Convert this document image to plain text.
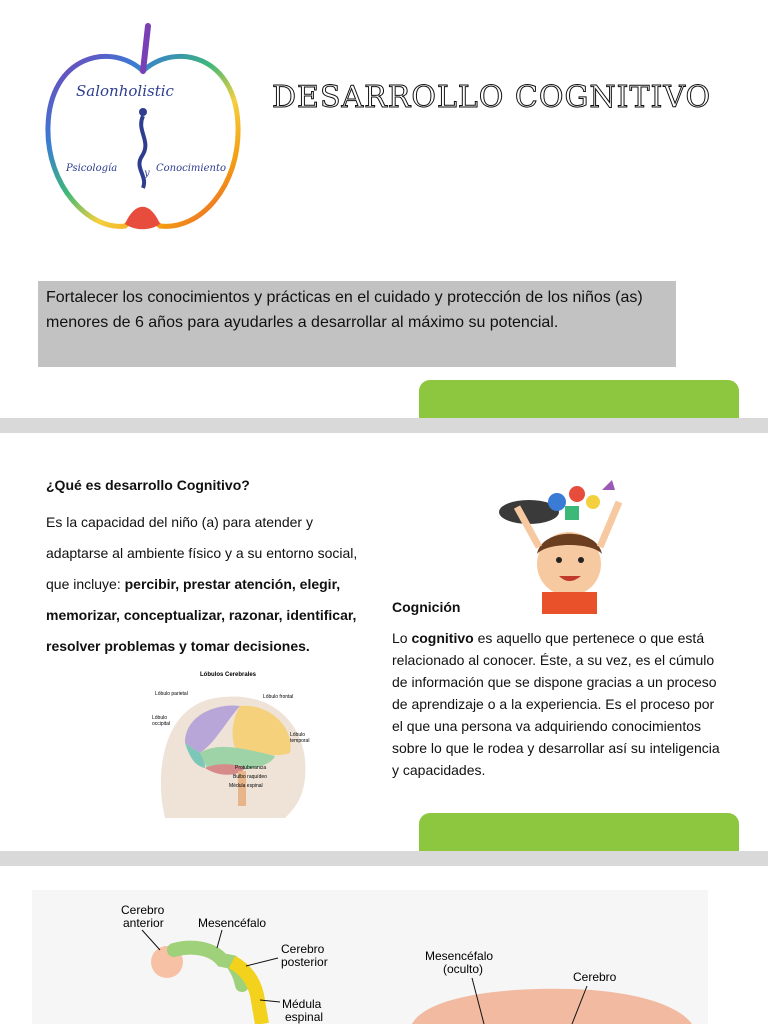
Salonholistic
Psicología	y Conocimiento
DESARROLLO COGNITIVO
Fortalecer los conocimientos y prácticas en el cuidado y protección de los niños (as) menores de 6 años para ayudarles a desarrollar al máximo su potencial.
¿Qué es desarrollo Cognitivo?
Es la capacidad del niño (a) para atender y adaptarse al ambiente físico y a su entorno social, que incluye: percibir, prestar atención, elegir, memorizar, conceptualizar, razonar, identificar, resolver problemas y tomar decisiones.
Cognición
Lo cognitivo es aquello que pertenece o que está relacionado al conocer. Éste, a su vez, es el cúmulo de información que se dispone gracias a un proceso de aprendizaje o a la experiencia. Es el proceso por el que una persona va adquiriendo conocimientos sobre lo que le rodea y desarrollar así su inteligencia y capacidades.
Lóbulos Cerebrales
Lóbulo parietal	Lóbulo frontal
Lóbulo
occipital
Lóbulo
temporal
Protuberancia
Bulbo raquídeo
Médula espinal
Cerebro
anterior	Mesencéfalo
Cerebro
posterior
Médula
espinal
Mesencéfalo
(oculto)
Cerebro
